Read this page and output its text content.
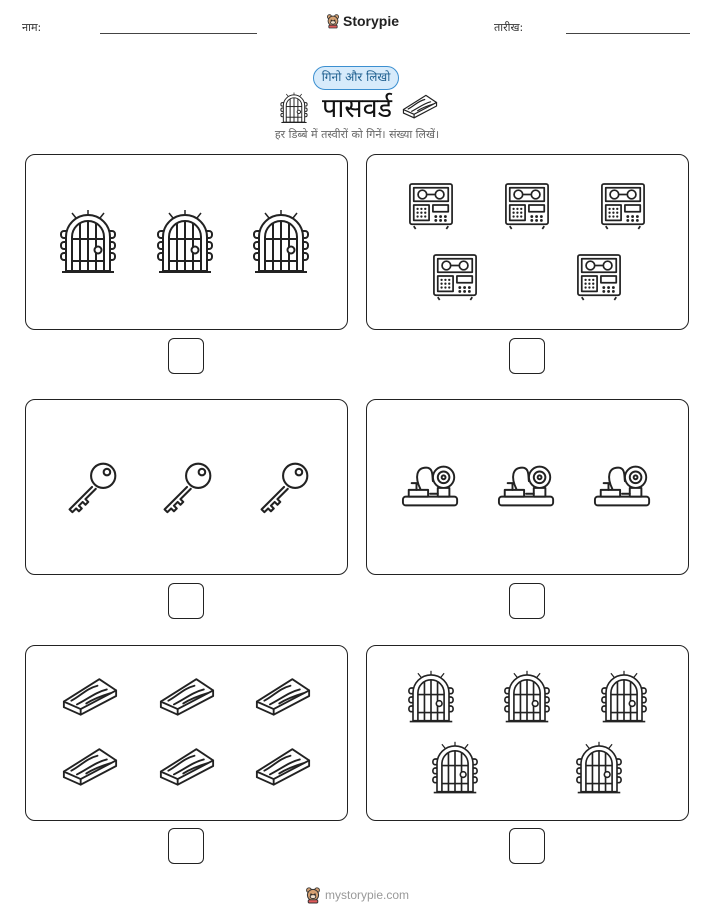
नाम:	Storypie	तारीख:
गिनो और लिखो
पासवर्ड
हर डिब्बे में तस्वीरों को गिनें। संख्या लिखें।
mystorypie.com
